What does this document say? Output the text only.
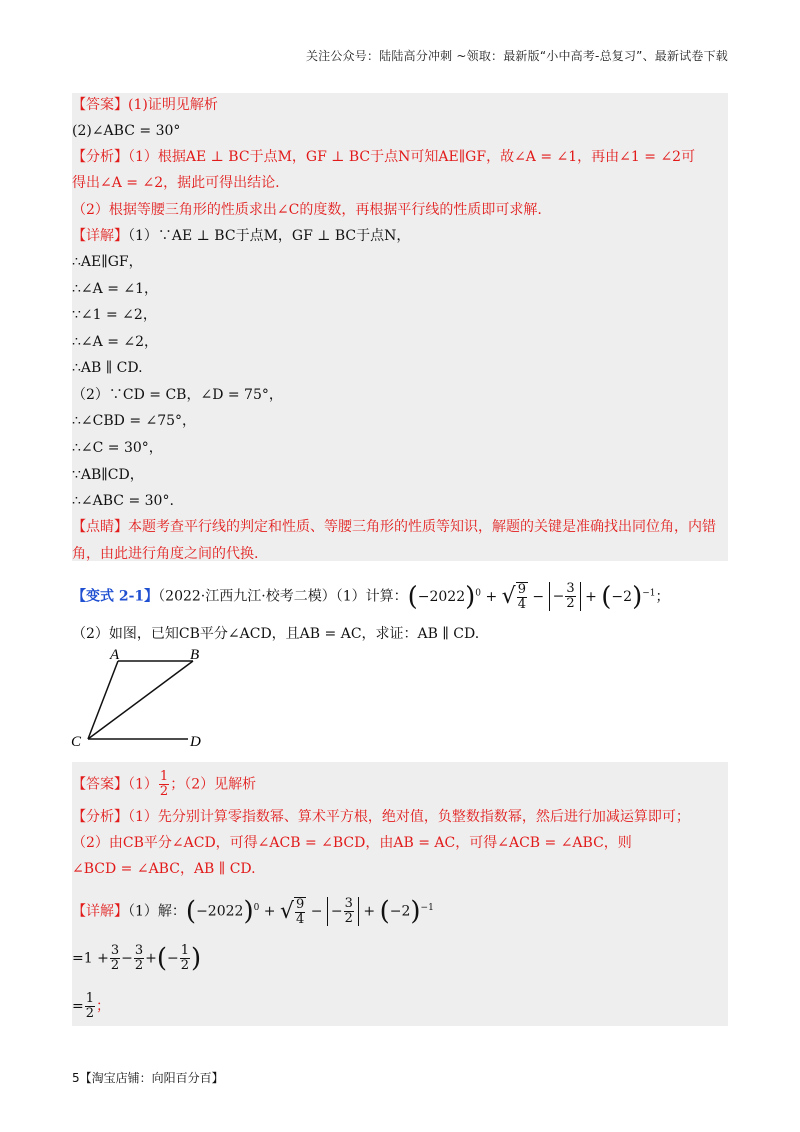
关注公众号：陆陆高分冲刺 ~领取：最新版“小中高考-总复习”、最新试卷下载
【答案】(1)证明见解析
(2)∠ABC = 30°
【分析】（1）根据AE ⊥ BC于点M，GF ⊥ BC于点N可知AE∥GF，故∠A = ∠1，再由∠1 = ∠2可
得出∠A = ∠2，据此可得出结论.
（2）根据等腰三角形的性质求出∠C的度数，再根据平行线的性质即可求解.
【详解】（1）∵AE ⊥ BC于点M，GF ⊥ BC于点N，
∴AE∥GF，
∴∠A = ∠1，
∵∠1 = ∠2，
∴∠A = ∠2，
∴AB ∥ CD.
（2）∵CD = CB，∠D = 75°，
∴∠CBD = ∠75°，
∴∠C = 30°，
∵AB∥CD，
∴∠ABC = 30°.
【点睛】本题考查平行线的判定和性质、等腰三角形的性质等知识，解题的关键是准确找出同位角，内错角，由此进行角度之间的代换.
【变式 2-1】（2022·江西九江·校考二模）（1）计算：$(-2022)^0$ + √ $\frac{9}{4}$ − − $\frac{3}{2} + (-2)^{-1}$；
（2）如图，已知CB平分∠ACD，且AB = AC，求证：AB ∥ CD.
A	B
C	D
【答案】$(1) \frac{1}{2}$ ；（2）见解析
【分析】（1）先分别计算零指数幂、算术平方根，绝对值，负整数指数幂，然后进行加减运算即可；
（2）由CB平分∠ACD，可得∠ACB = ∠BCD，由AB = AC，可得∠ACB = ∠ABC，则
∠BCD = ∠ABC，AB ∥ CD.
【详解】（1）解：$(-2022)^0$ + √ $\frac{9}{4}$ − − $\frac{3}{2} + (-2)^{-1}$
$=1 + \frac{3}{2} - \frac{3}{2}$ +(− $\frac{1}{2}$ )
= $\frac{1}{2}$ ；
5【淘宝店铺：向阳百分百】
